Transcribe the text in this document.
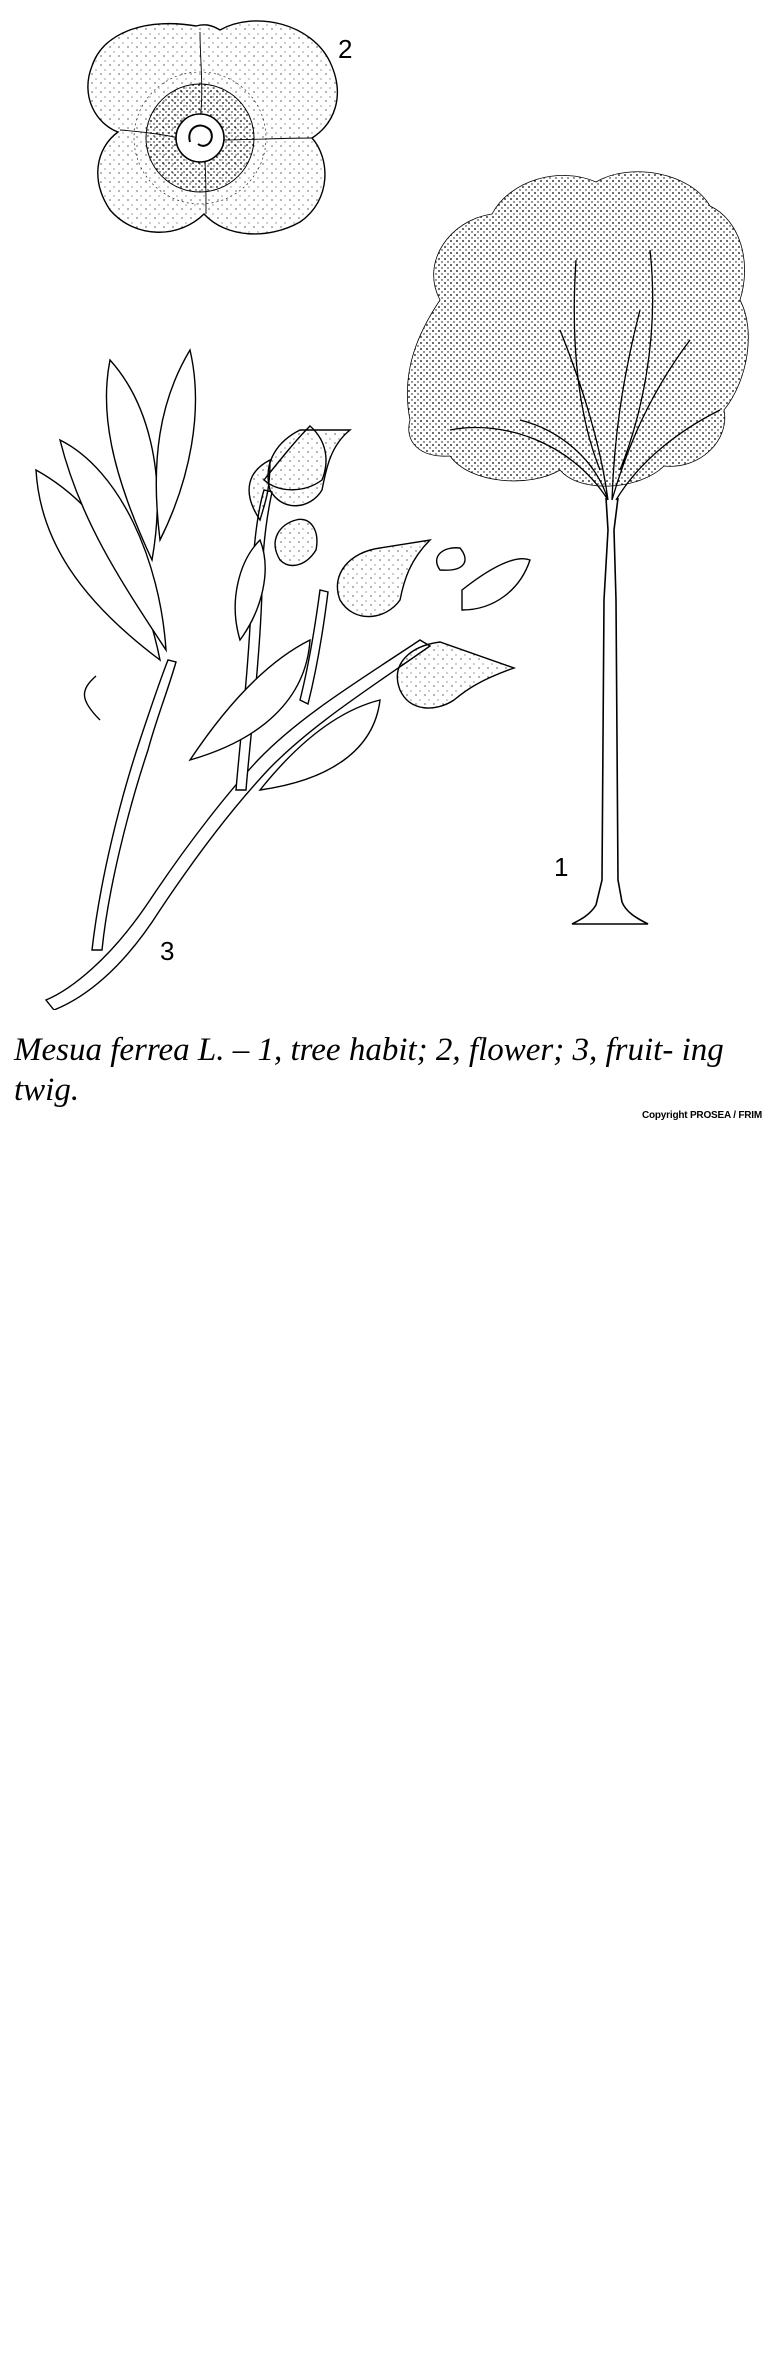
2
1
3

Mesua ferrea L. – 1, tree habit; 2, flower; 3, fruit- ing twig.

Copyright PROSEA / FRIM
